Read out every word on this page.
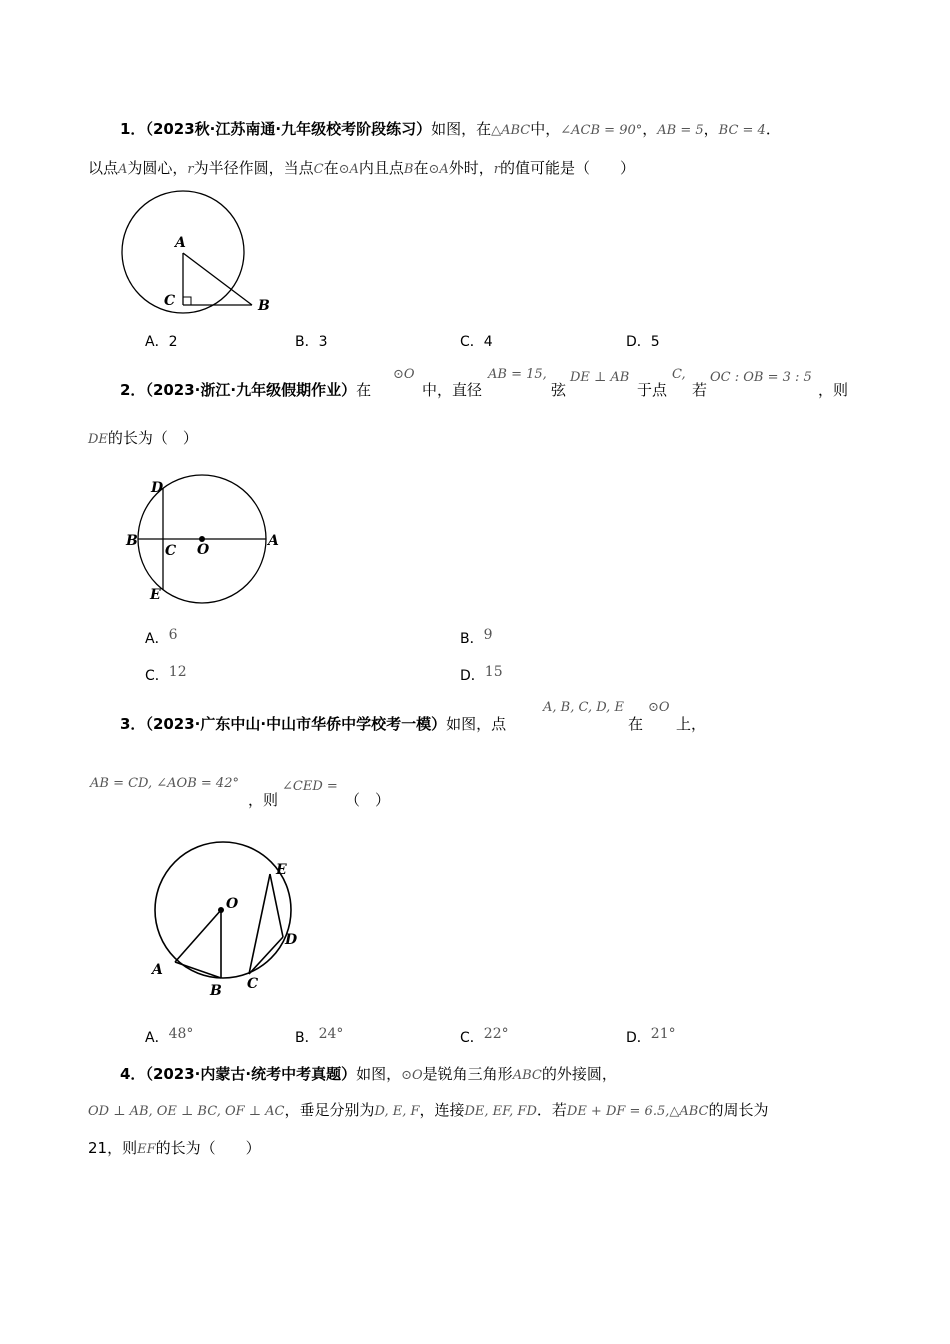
1．（2023秋·江苏南通·九年级校考阶段练习）如图，在△ABC中，∠ACB = 90°，AB = 5，BC = 4．
以点A为圆心，r为半径作圆，当点C在⊙A内且点B在⊙A外时，r的值可能是（　　）
A
C	B
A．2	B．3	C．4	D．5
2．（2023·浙江·九年级假期作业）在
⊙O
中，直径
AB = 15,
弦
DE ⊥ AB
于点
C,
若
OC : OB = 3 : 5
，则
DE的长为（　）
D
B
C O
A
E
A．6	B．9
C．12	D．15
3．（2023·广东中山·中山市华侨中学校考一模）如图，点
A, B, C, D, E
在
⊙O
上，
AB = CD, ∠AOB = 42°
，则
∠CED =
（　）
E
O
D
A
B C
A．48°	B．24°	C．22°	D．21°
4．（2023·内蒙古·统考中考真题）如图，⊙O是锐角三角形ABC的外接圆，
OD ⊥ AB, OE ⊥ BC, OF ⊥ AC，垂足分别为D, E, F，连接DE, EF, FD．若DE + DF = 6.5,△ABC的周长为
21，则EF的长为（　　）
